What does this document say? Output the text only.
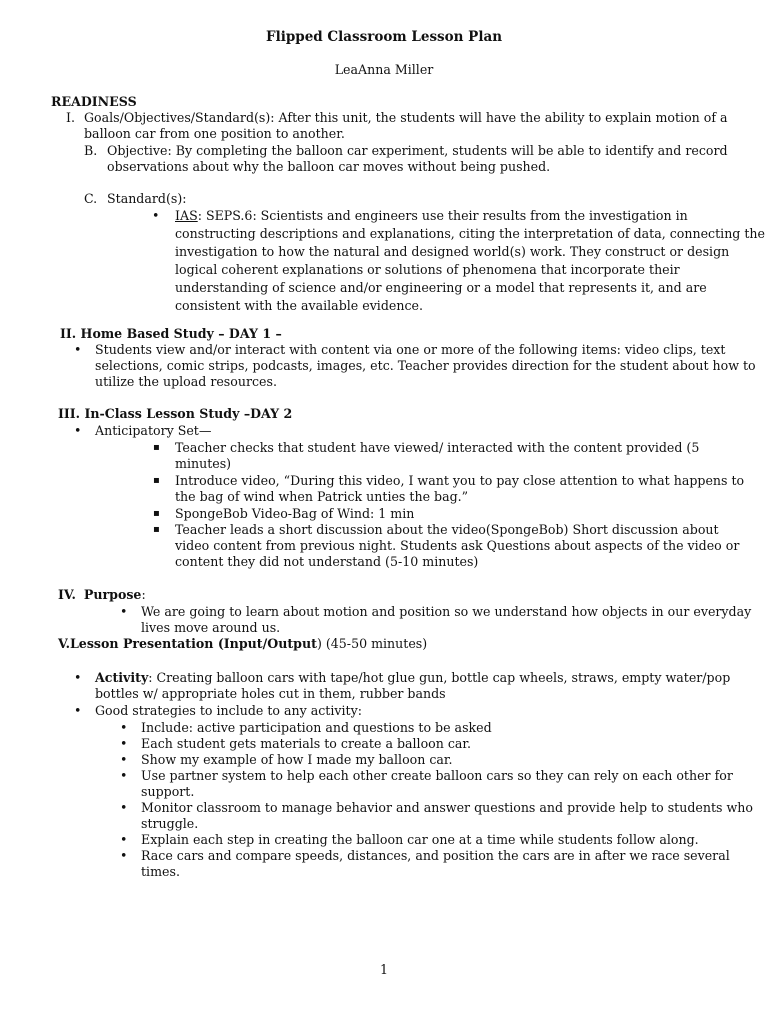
Flipped Classroom Lesson Plan
LeaAnna Miller
READINESS
I. Goals/Objectives/Standard(s): After this unit, the students will have the ability to explain motion of a
balloon car from one position to another.
B. Objective: By completing the balloon car experiment, students will be able to identify and record
observations about why the balloon car moves without being pushed.
C. Standard(s):
• IAS: SEPS.6: Scientists and engineers use their results from the investigation in
constructing descriptions and explanations, citing the interpretation of data, connecting the
investigation to how the natural and designed world(s) work. They construct or design
logical coherent explanations or solutions of phenomena that incorporate their
understanding of science and/or engineering or a model that represents it, and are
consistent with the available evidence.
II. Home Based Study – DAY 1 –
• Students view and/or interact with content via one or more of the following items: video clips, text
selections, comic strips, podcasts, images, etc. Teacher provides direction for the student about how to
utilize the upload resources.
III. In-Class Lesson Study –DAY 2
• Anticipatory Set—
▪ Teacher checks that student have viewed/ interacted with the content provided (5
minutes)
▪ Introduce video, “During this video, I want you to pay close attention to what happens to
the bag of wind when Patrick unties the bag.”
▪ SpongeBob Video-Bag of Wind: 1 min
▪ Teacher leads a short discussion about the video(SpongeBob) Short discussion about
video content from previous night. Students ask Questions about aspects of the video or
content they did not understand (5-10 minutes)
IV. Purpose:
• We are going to learn about motion and position so we understand how objects in our everyday
lives move around us.
V.Lesson Presentation (Input/Output) (45-50 minutes)
• Activity: Creating balloon cars with tape/hot glue gun, bottle cap wheels, straws, empty water/pop
bottles w/ appropriate holes cut in them, rubber bands
• Good strategies to include to any activity:
• Include: active participation and questions to be asked
• Each student gets materials to create a balloon car.
• Show my example of how I made my balloon car.
• Use partner system to help each other create balloon cars so they can rely on each other for
support.
• Monitor classroom to manage behavior and answer questions and provide help to students who
struggle.
• Explain each step in creating the balloon car one at a time while students follow along.
• Race cars and compare speeds, distances, and position the cars are in after we race several
times.
1
